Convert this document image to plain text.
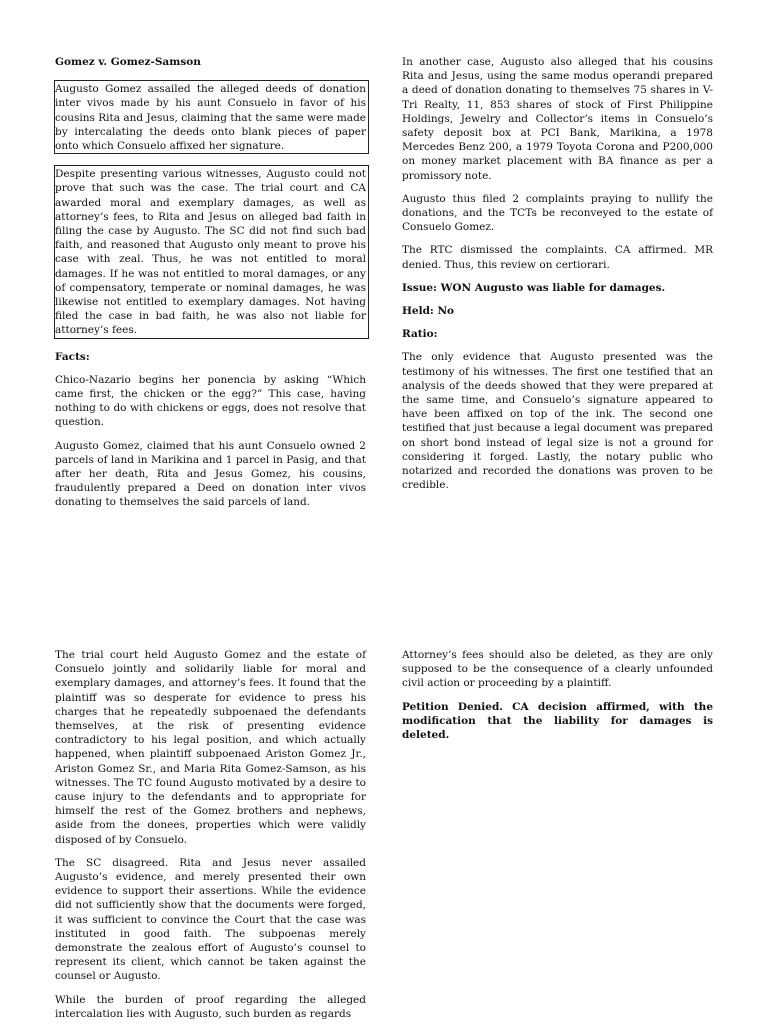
Gomez v. Gomez-Samson
Augusto Gomez assailed the alleged deeds of donation inter vivos made by his aunt Consuelo in favor of his cousins Rita and Jesus, claiming that the same were made by intercalating the deeds onto blank pieces of paper onto which Consuelo affixed her signature.
Despite presenting various witnesses, Augusto could not prove that such was the case. The trial court and CA awarded moral and exemplary damages, as well as attorney’s fees, to Rita and Jesus on alleged bad faith in filing the case by Augusto. The SC did not find such bad faith, and reasoned that Augusto only meant to prove his case with zeal. Thus, he was not entitled to moral damages. If he was not entitled to moral damages, or any of compensatory, temperate or nominal damages, he was likewise not entitled to exemplary damages. Not having filed the case in bad faith, he was also not liable for attorney’s fees.
Facts:

Chico-Nazario begins her ponencia by asking “Which came first, the chicken or the egg?” This case, having nothing to do with chickens or eggs, does not resolve that question.

Augusto Gomez, claimed that his aunt Consuelo owned 2 parcels of land in Marikina and 1 parcel in Pasig, and that after her death, Rita and Jesus Gomez, his cousins, fraudulently prepared a Deed on donation inter vivos donating to themselves the said parcels of land.

In another case, Augusto also alleged that his cousins Rita and Jesus, using the same modus operandi prepared a deed of donation donating to themselves 75 shares in V-Tri Realty, 11, 853 shares of stock of First Philippine Holdings, Jewelry and Collector’s items in Consuelo’s safety deposit box at PCI Bank, Marikina, a 1978 Mercedes Benz 200, a 1979 Toyota Corona and P200,000 on money market placement with BA finance as per a promissory note.

Augusto thus filed 2 complaints praying to nullify the donations, and the TCTs be reconveyed to the estate of Consuelo Gomez.

The RTC dismissed the complaints. CA affirmed. MR denied. Thus, this review on certiorari.

Issue: WON Augusto was liable for damages.
Held: No
Ratio:

The only evidence that Augusto presented was the testimony of his witnesses. The first one testified that an analysis of the deeds showed that they were prepared at the same time, and Consuelo’s signature appeared to have been affixed on top of the ink. The second one testified that just because a legal document was prepared on short bond instead of legal size is not a ground for considering it forged. Lastly, the notary public who notarized and recorded the donations was proven to be credible.

The trial court held Augusto Gomez and the estate of Consuelo jointly and solidarily liable for moral and exemplary damages, and attorney’s fees. It found that the plaintiff was so desperate for evidence to press his charges that he repeatedly subpoenaed the defendants themselves, at the risk of presenting evidence contradictory to his legal position, and which actually happened, when plaintiff subpoenaed Ariston Gomez Jr., Ariston Gomez Sr., and Maria Rita Gomez-Samson, as his witnesses. The TC found Augusto motivated by a desire to cause injury to the defendants and to appropriate for himself the rest of the Gomez brothers and nephews, aside from the donees, properties which were validly disposed of by Consuelo.

The SC disagreed. Rita and Jesus never assailed Augusto’s evidence, and merely presented their own evidence to support their assertions. While the evidence did not sufficiently show that the documents were forged, it was sufficient to convince the Court that the case was instituted in good faith. The subpoenas merely demonstrate the zealous effort of Augusto’s counsel to represent its client, which cannot be taken against the counsel or Augusto.

While the burden of proof regarding the alleged intercalation lies with Augusto, such burden as regards

Attorney’s fees should also be deleted, as they are only supposed to be the consequence of a clearly unfounded civil action or proceeding by a plaintiff.

Petition Denied. CA decision affirmed, with the modification that the liability for damages is deleted.
